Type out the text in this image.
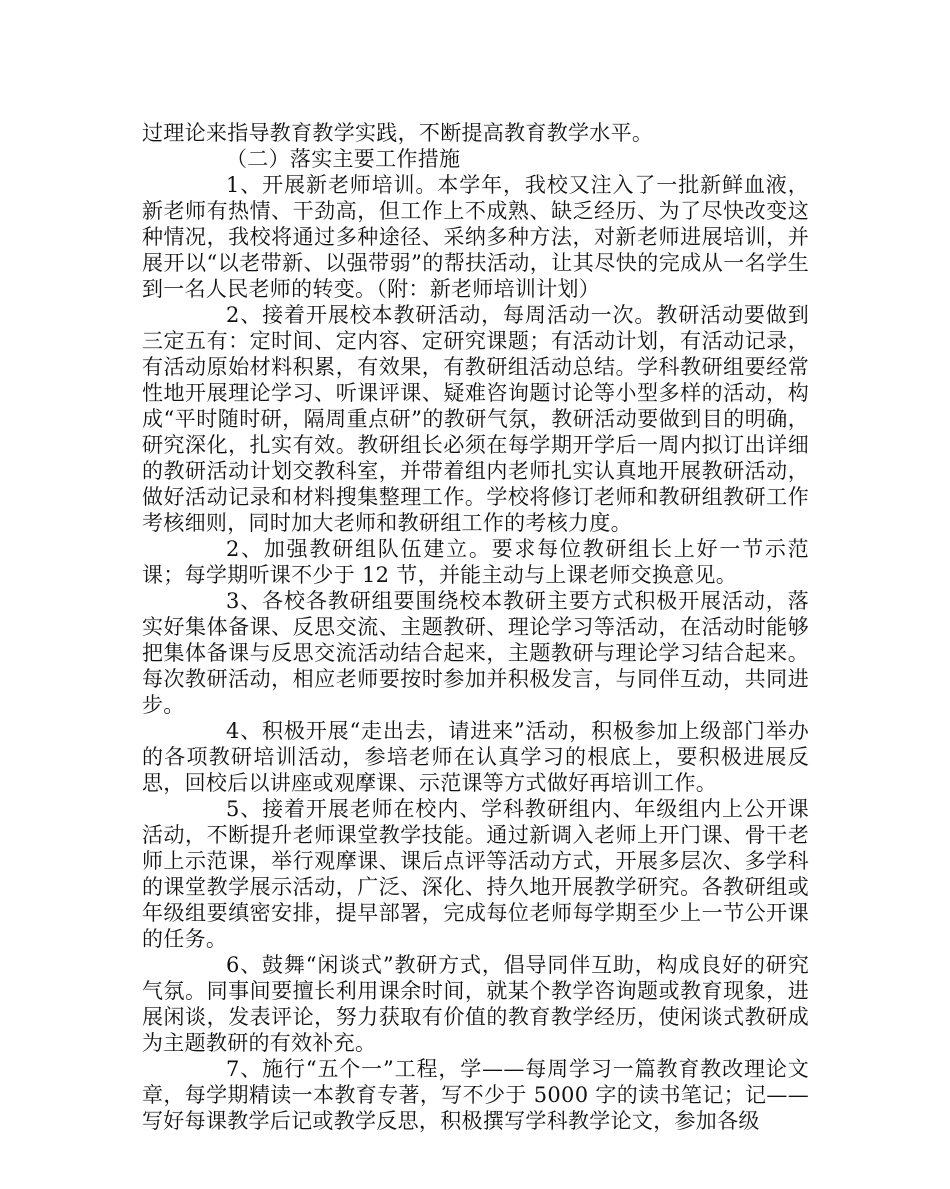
过理论来指导教育教学实践，不断提高教育教学水平。

（二）落实主要工作措施

1、开展新老师培训。本学年，我校又注入了一批新鲜血液，新老师有热情、干劲高，但工作上不成熟、缺乏经历、为了尽快改变这种情况，我校将通过多种途径、采纳多种方法，对新老师进展培训，并展开以“以老带新、以强带弱”的帮扶活动，让其尽快的完成从一名学生到一名人民老师的转变。（附：新老师培训计划）

2、接着开展校本教研活动，每周活动一次。教研活动要做到三定五有：定时间、定内容、定研究课题；有活动计划，有活动记录，有活动原始材料积累，有效果，有教研组活动总结。学科教研组要经常性地开展理论学习、听课评课、疑难咨询题讨论等小型多样的活动，构成“平时随时研，隔周重点研”的教研气氛，教研活动要做到目的明确，研究深化，扎实有效。教研组长必须在每学期开学后一周内拟订出详细的教研活动计划交教科室，并带着组内老师扎实认真地开展教研活动，做好活动记录和材料搜集整理工作。学校将修订老师和教研组教研工作考核细则，同时加大老师和教研组工作的考核力度。

2、加强教研组队伍建立。要求每位教研组长上好一节示范课；每学期听课不少于 12 节，并能主动与上课老师交换意见。

3、各校各教研组要围绕校本教研主要方式积极开展活动，落实好集体备课、反思交流、主题教研、理论学习等活动，在活动时能够把集体备课与反思交流活动结合起来，主题教研与理论学习结合起来。每次教研活动，相应老师要按时参加并积极发言，与同伴互动，共同进步。

4、积极开展“走出去，请进来”活动，积极参加上级部门举办的各项教研培训活动，参培老师在认真学习的根底上，要积极进展反思，回校后以讲座或观摩课、示范课等方式做好再培训工作。

5、接着开展老师在校内、学科教研组内、年级组内上公开课活动，不断提升老师课堂教学技能。通过新调入老师上开门课、骨干老师上示范课，举行观摩课、课后点评等活动方式，开展多层次、多学科的课堂教学展示活动，广泛、深化、持久地开展教学研究。各教研组或年级组要缜密安排，提早部署，完成每位老师每学期至少上一节公开课的任务。

6、鼓舞“闲谈式”教研方式，倡导同伴互助，构成良好的研究气氛。同事间要擅长利用课余时间，就某个教学咨询题或教育现象，进展闲谈，发表评论，努力获取有价值的教育教学经历，使闲谈式教研成为主题教研的有效补充。

7、施行“五个一”工程，学——每周学习一篇教育教改理论文章，每学期精读一本教育专著，写不少于 5000 字的读书笔记；记——写好每课教学后记或教学反思，积极撰写学科教学论文，参加各级
